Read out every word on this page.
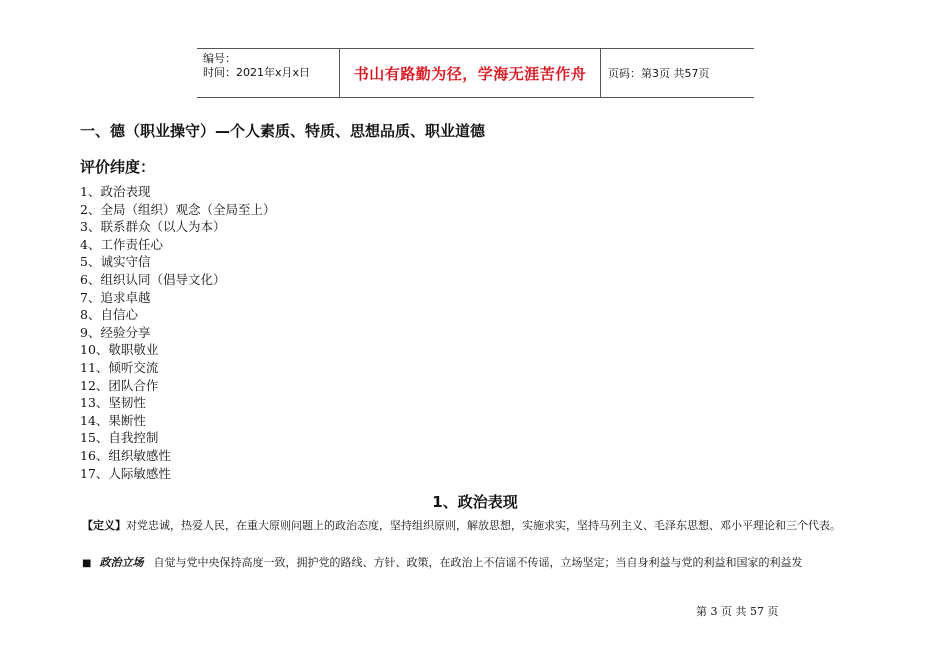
编号：
时间：2021年x月x日	书山有路勤为径，学海无涯苦作舟	页码：第3页 共57页
一、德（职业操守）—个人素质、特质、思想品质、职业道德
评价纬度：
1、政治表现
2、全局（组织）观念（全局至上）
3、联系群众（以人为本）
4、工作责任心
5、诚实守信
6、组织认同（倡导文化）
7、追求卓越
8、自信心
9、经验分享
10、敬职敬业
11、倾听交流
12、团队合作
13、坚韧性
14、果断性
15、自我控制
16、组织敏感性
17、人际敏感性
1、政治表现

【定义】对党忠诚，热爱人民，在重大原则问题上的政治态度，坚持组织原则，解放思想，实施求实，坚持马列主义、毛泽东思想、邓小平理论和三个代表。

■ 政治立场 自觉与党中央保持高度一致，拥护党的路线、方针、政策，在政治上不信谣不传谣，立场坚定；当自身利益与党的利益和国家的利益发

第 3 页 共 57 页
